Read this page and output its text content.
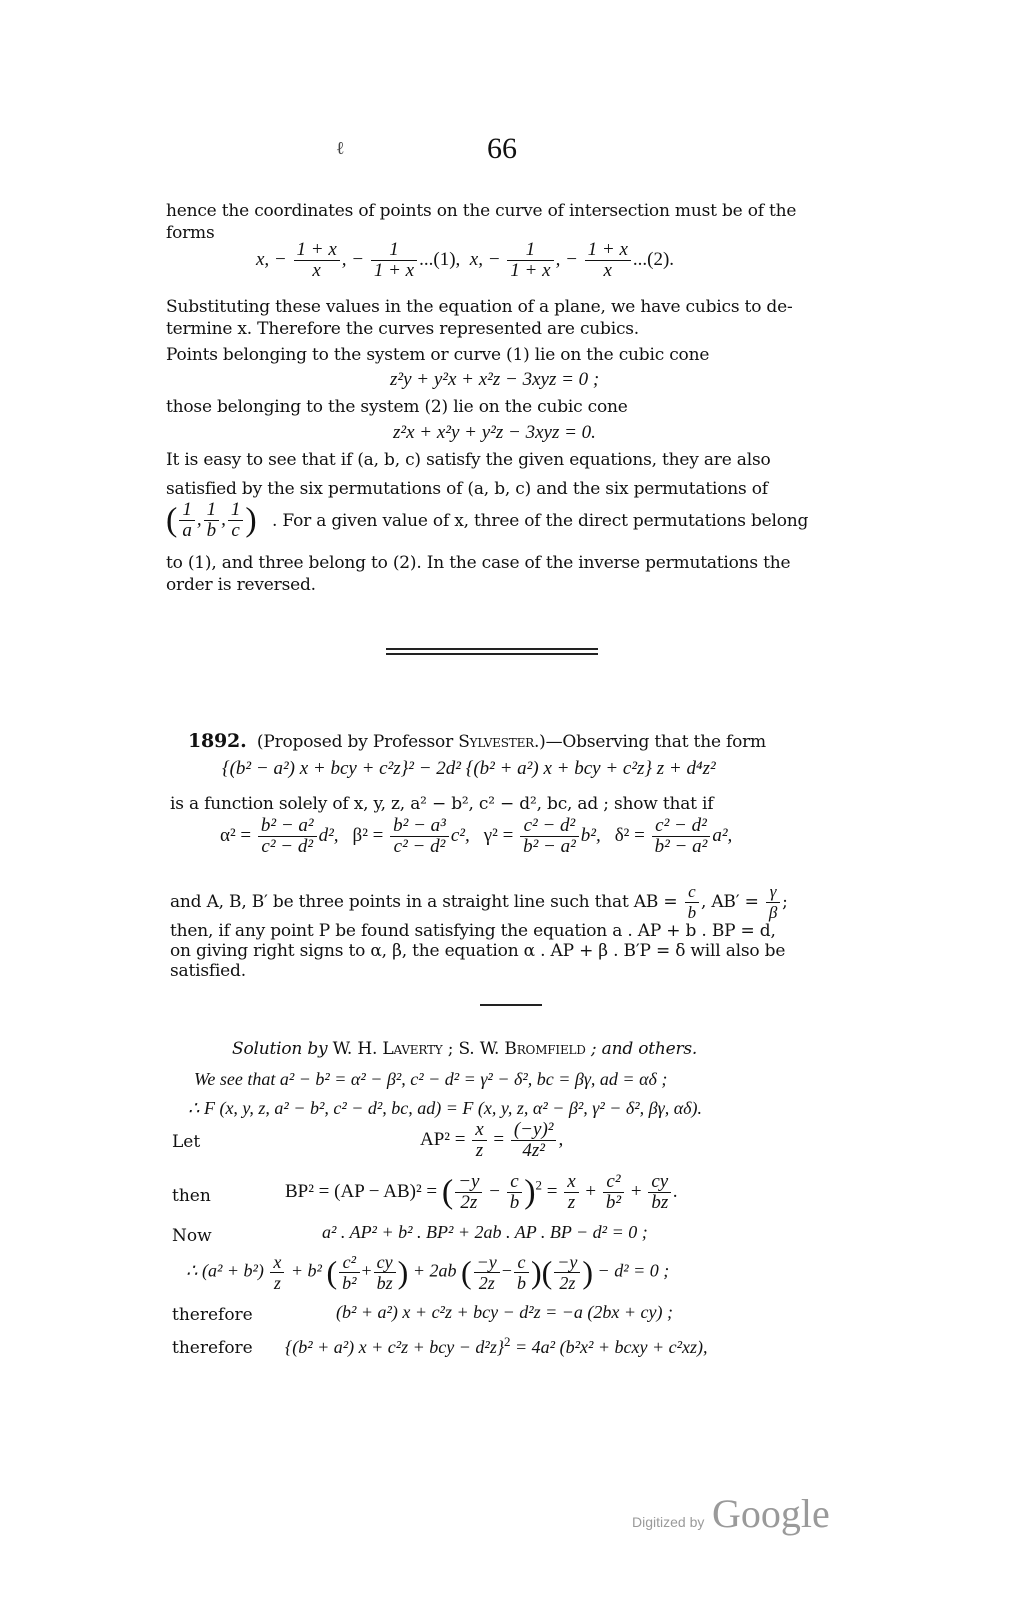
ℓ	66
hence the coordinates of points on the curve of intersection must be of the
forms
x, − $\frac{1 + x}{x}$ , − $\frac{1}{1 + x} ...(1)$, x, − $\frac{1}{1 + x}$ , − $\frac{1 + x}{x} ...(2)$.
Substituting these values in the equation of a plane, we have cubics to de-
termine x. Therefore the curves represented are cubics.
Points belonging to the system or curve (1) lie on the cubic cone
z²y + y²x + x²z − 3xyz = 0 ;
those belonging to the system (2) lie on the cubic cone
z²x + x²y + y²z − 3xyz = 0.
It is easy to see that if (a, b, c) satisfy the given equations, they are also
satisfied by the six permutations of (a, b, c) and the six permutations of
( $\frac{1}{a}$ , $\frac{1}{b}$ , $\frac{1}{c}$ ) . For a given value of x, three of the direct permutations belong
to (1), and three belong to (2). In the case of the inverse permutations the
order is reversed.
1892. (Proposed by Professor Sylvester.)—Observing that the form
{(b² − a²) x + bcy + c²z}² − 2d² {(b² + a²) x + bcy + c²z} z + d⁴z²
is a function solely of x, y, z, a² − b², c² − d², bc, ad ; show that if
$\alpha^2 = \frac{\text{b² − a²}}{\text{c² − d²}} d^2$, $\beta^2 = \frac{\text{b² − a³}}{\text{c² − d²}} c^2$, $\gamma^2 = \frac{\text{c² − d²}}{\text{b² − a²}} b^2$, $\delta^2 = \frac{\text{c² − d²}}{\text{b² − a²}} a^2$,
and A, B, B′ be three points in a straight line such that AB = $\frac{c}{b}$ , $AB' = \frac{\gamma}{\beta}$ ;
then, if any point P be found satisfying the equation a . AP + b . BP = d,
on giving right signs to α, β, the equation α . AP + β . B′P = δ will also be
satisfied.
Solution by W. H. Laverty ; S. W. Bromfield ; and others.
We see that a² − b² = α² − β², c² − d² = γ² − δ², bc = βγ, ad = αδ ;
∴ F (x, y, z, a² − b², c² − d², bc, ad) = F (x, y, z, α² − β², γ² − δ², βγ, αδ).
Let	$AP^2 = \frac{x}{z} = \frac{\text{(−y)²}}{\text{4z²}}$ ,
then	BP² = (AP − AB)² = ( $\frac{-y}{2z} - \frac{c}{b} )^2 = \frac{x}{z} + \frac{\text{c²}}{\text{b²}} + \frac{cy}{bz}$ .
Now	a² . AP² + b² . BP² + 2ab . AP . BP − d² = 0 ;
∴ $(a^2 + b^2) \frac{x}{z} + b^2$ ( $\frac{\text{c²}}{\text{b²}} + \frac{cy}{bz}$ ) + 2ab ( $\frac{-y}{2z} - \frac{c}{b}$ )( $\frac{-y}{2z}$ ) − d² = 0 ;
therefore	(b² + a²) x + c²z + bcy − d²z = −a (2bx + cy) ;
therefore {(b² + a²) x + c²z + bcy − d²z}$^2$ = 4a² (b²x² + bcxy + c²xz),
Digitized by Google
